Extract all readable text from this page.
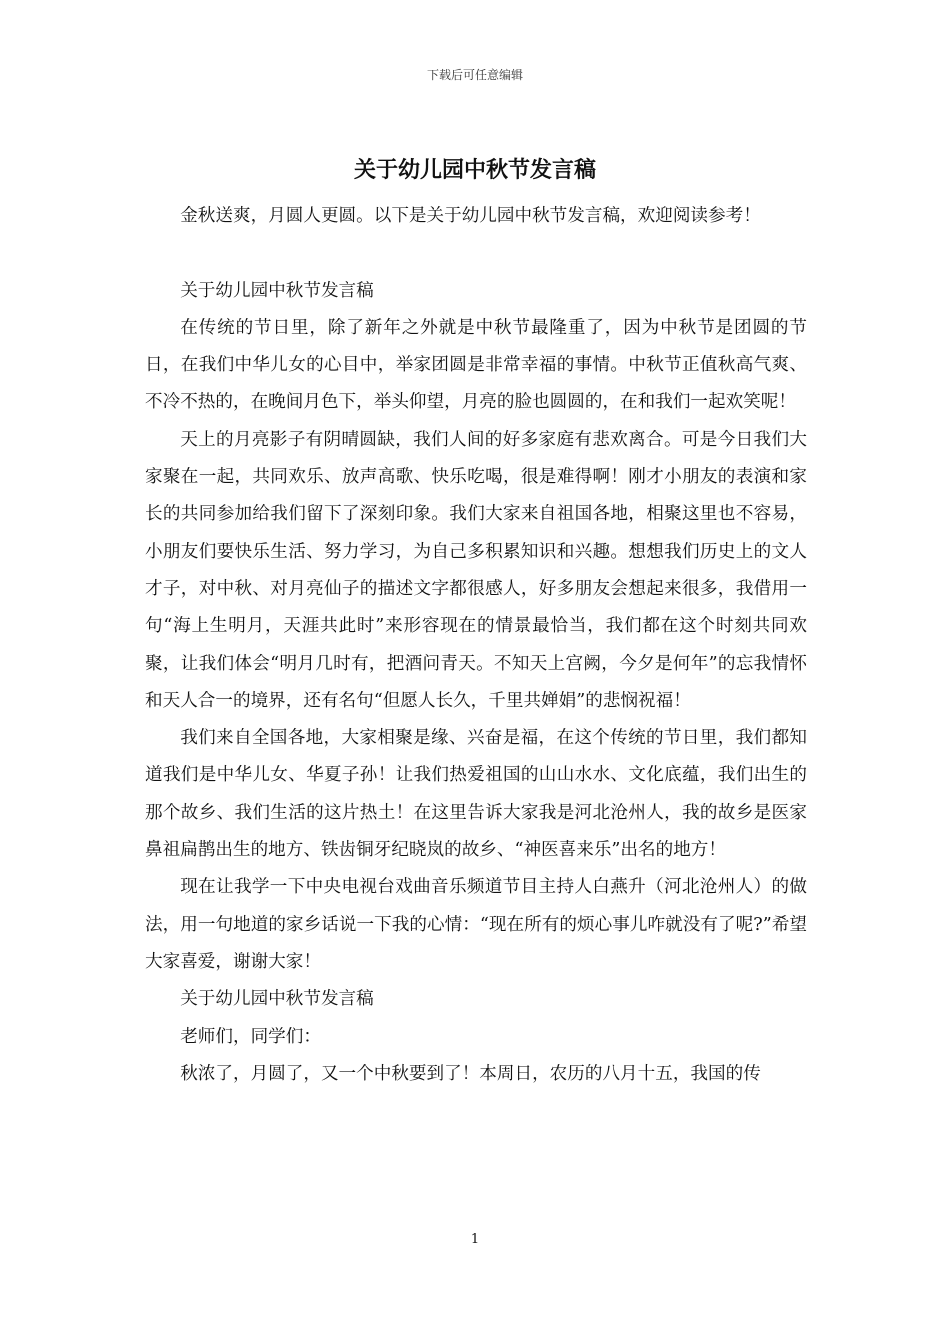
下载后可任意编辑
关于幼儿园中秋节发言稿

金秋送爽，月圆人更圆。以下是关于幼儿园中秋节发言稿，欢迎阅读参考！

关于幼儿园中秋节发言稿

在传统的节日里，除了新年之外就是中秋节最隆重了，因为中秋节是团圆的节日，在我们中华儿女的心目中，举家团圆是非常幸福的事情。中秋节正值秋高气爽、不冷不热的，在晚间月色下，举头仰望，月亮的脸也圆圆的，在和我们一起欢笑呢！

天上的月亮影子有阴晴圆缺，我们人间的好多家庭有悲欢离合。可是今日我们大家聚在一起，共同欢乐、放声高歌、快乐吃喝，很是难得啊！刚才小朋友的表演和家长的共同参加给我们留下了深刻印象。我们大家来自祖国各地，相聚这里也不容易，小朋友们要快乐生活、努力学习，为自己多积累知识和兴趣。想想我们历史上的文人才子，对中秋、对月亮仙子的描述文字都很感人，好多朋友会想起来很多，我借用一句“海上生明月，天涯共此时”来形容现在的情景最恰当，我们都在这个时刻共同欢聚，让我们体会“明月几时有，把酒问青天。不知天上宫阙，今夕是何年”的忘我情怀和天人合一的境界，还有名句“但愿人长久，千里共婵娟”的悲悯祝福！

我们来自全国各地，大家相聚是缘、兴奋是福，在这个传统的节日里，我们都知道我们是中华儿女、华夏子孙！让我们热爱祖国的山山水水、文化底蕴，我们出生的那个故乡、我们生活的这片热土！在这里告诉大家我是河北沧州人，我的故乡是医家鼻祖扁鹊出生的地方、铁齿铜牙纪晓岚的故乡、“神医喜来乐”出名的地方！

现在让我学一下中央电视台戏曲音乐频道节目主持人白燕升（河北沧州人）的做法，用一句地道的家乡话说一下我的心情：“现在所有的烦心事儿咋就没有了呢?”希望大家喜爱，谢谢大家！

关于幼儿园中秋节发言稿

老师们，同学们：

秋浓了，月圆了，又一个中秋要到了！本周日，农历的八月十五，我国的传

1
